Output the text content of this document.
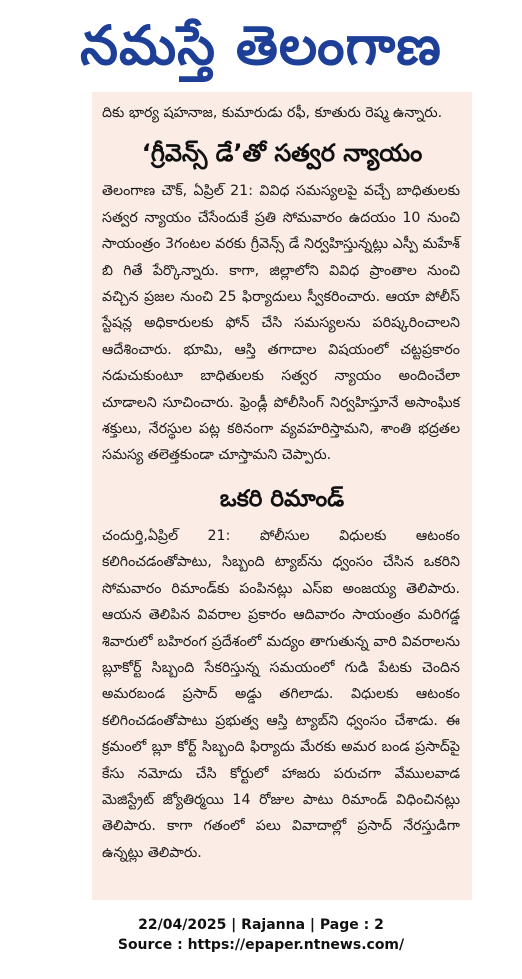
నమస్తే తెలంగాణ

దికు భార్య షహనాజ, కుమారుడు రఫీ, కూతురు రెష్మ ఉన్నారు.

‘గ్రీవెన్స్ డే’తో సత్వర న్యాయం

తెలంగాణ చౌక్, ఏప్రిల్ 21: వివిధ సమస్యలపై వచ్చే బాధితులకు సత్వర న్యాయం చేసేందుకే ప్రతి సోమవారం ఉదయం 10 నుంచి సాయంత్రం 3గంటల వరకు గ్రీవెన్స్ డే నిర్వహిస్తున్నట్లు ఎస్పీ మహేశ్ బి గితే పేర్కొన్నారు. కాగా, జిల్లాలోని వివిధ ప్రాంతాల నుంచి వచ్చిన ప్రజల నుంచి 25 ఫిర్యాదులు స్వీకరించారు. ఆయా పోలీస్ స్టేషన్ల అధికారులకు ఫోన్ చేసి సమస్యలను పరిష్కరించాలని ఆదేశించారు. భూమి, ఆస్తి తగాదాల విషయంలో చట్టప్రకారం నడుచుకుంటూ బాధితులకు సత్వర న్యాయం అందించేలా చూడాలని సూచించారు. ఫ్రెండ్లీ పోలీసింగ్ నిర్వహిస్తూనే అసాంఘిక శక్తులు, నేరస్థుల పట్ల కఠినంగా వ్యవహరిస్తామని, శాంతి భద్రతల సమస్య తలెత్తకుండా చూస్తామని చెప్పారు.

ఒకరి రిమాండ్

చందుర్తి,ఏప్రిల్ 21: పోలీసుల విధులకు ఆటంకం కలిగించడంతోపాటు, సిబ్బంది ట్యాబ్‌ను ధ్వంసం చేసిన ఒకరిని సోమవారం రిమాండ్‌కు పంపినట్లు ఎస్ఐ అంజయ్య తెలిపారు. ఆయన తెలిపిన వివరాల ప్రకారం ఆదివారం సాయంత్రం మరిగడ్డ శివారులో బహిరంగ ప్రదేశంలో మద్యం తాగుతున్న వారి వివరాలను బ్లూకోర్ట్ సిబ్బంది సేకరిస్తున్న సమయంలో గుడి పేటకు చెందిన అమరబండ ప్రసాద్ అడ్డు తగిలాడు. విధులకు ఆటంకం కలిగించడంతోపాటు ప్రభుత్వ ఆస్తి ట్యాబ్‌ని ధ్వంసం చేశాడు. ఈ క్రమంలో బ్లూ కోర్ట్ సిబ్బంది ఫిర్యాదు మేరకు అమర బండ ప్రసాద్‌పై కేసు నమోదు చేసి కోర్టులో హాజరు పరుచగా వేములవాడ మెజిస్ట్రేట్ జ్యోతిర్మయి 14 రోజుల పాటు రిమాండ్ విధించినట్లు తెలిపారు. కాగా గతంలో పలు వివాదాల్లో ప్రసాద్ నేరస్తుడిగా ఉన్నట్లు తెలిపారు.

22/04/2025 | Rajanna | Page : 2
Source : https://epaper.ntnews.com/
